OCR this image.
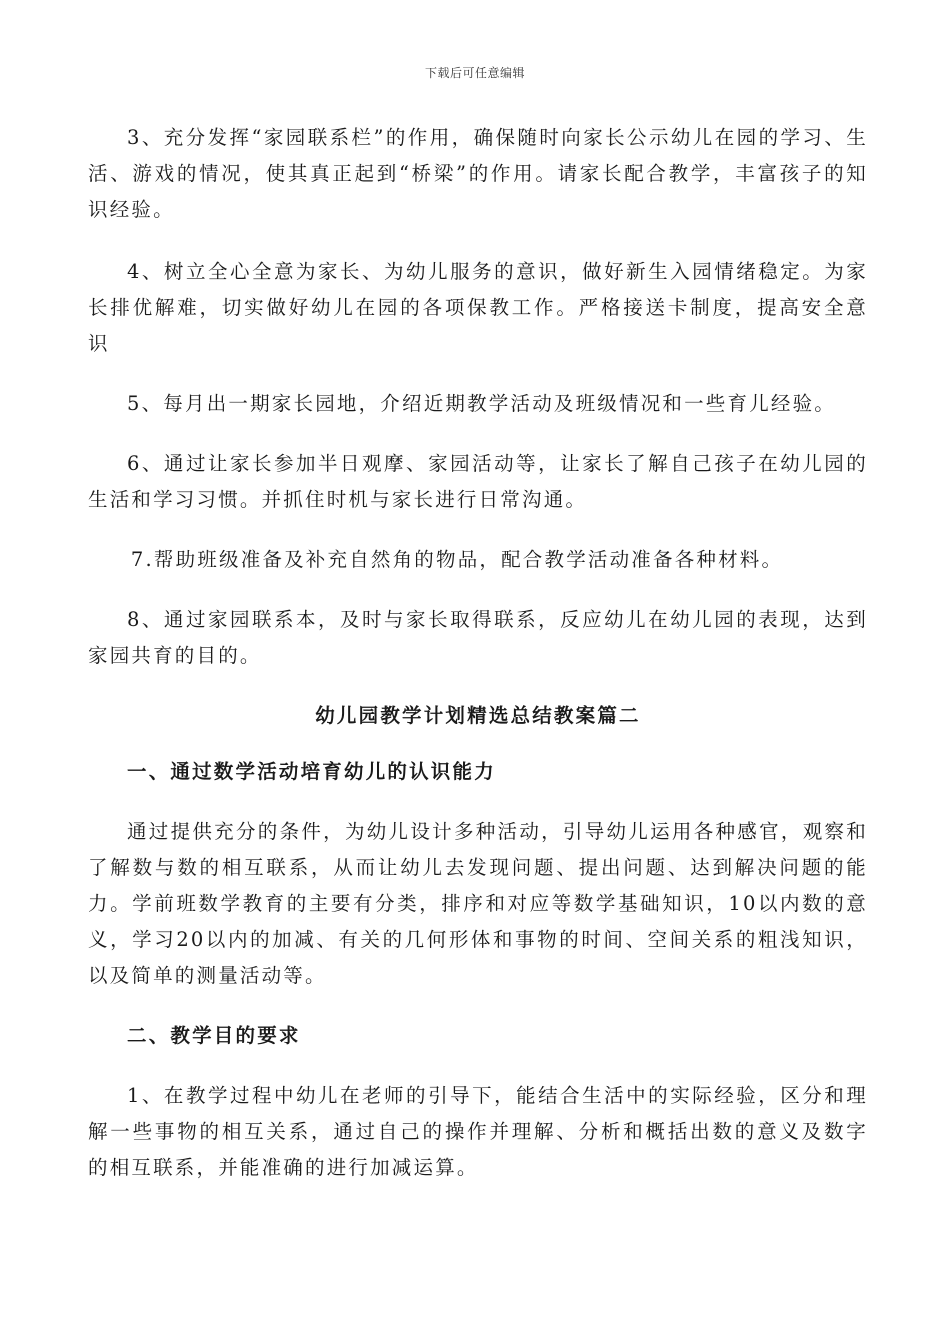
下载后可任意编辑

3、充分发挥“家园联系栏”的作用，确保随时向家长公示幼儿在园的学习、生活、游戏的情况，使其真正起到“桥梁”的作用。请家长配合教学，丰富孩子的知识经验。

4、树立全心全意为家长、为幼儿服务的意识，做好新生入园情绪稳定。为家长排优解难，切实做好幼儿在园的各项保教工作。严格接送卡制度，提高安全意识

5、每月出一期家长园地，介绍近期教学活动及班级情况和一些育儿经验。

6、通过让家长参加半日观摩、家园活动等，让家长了解自己孩子在幼儿园的生活和学习习惯。并抓住时机与家长进行日常沟通。

7.帮助班级准备及补充自然角的物品，配合教学活动准备各种材料。

8、通过家园联系本，及时与家长取得联系，反应幼儿在幼儿园的表现，达到家园共育的目的。

幼儿园教学计划精选总结教案篇二
一、通过数学活动培育幼儿的认识能力

通过提供充分的条件，为幼儿设计多种活动，引导幼儿运用各种感官，观察和了解数与数的相互联系，从而让幼儿去发现问题、提出问题、达到解决问题的能力。学前班数学教育的主要有分类，排序和对应等数学基础知识，10以内数的意义，学习20以内的加减、有关的几何形体和事物的时间、空间关系的粗浅知识，以及简单的测量活动等。

二、教学目的要求

1、在教学过程中幼儿在老师的引导下，能结合生活中的实际经验，区分和理解一些事物的相互关系，通过自己的操作并理解、分析和概括出数的意义及数字的相互联系，并能准确的进行加减运算。
